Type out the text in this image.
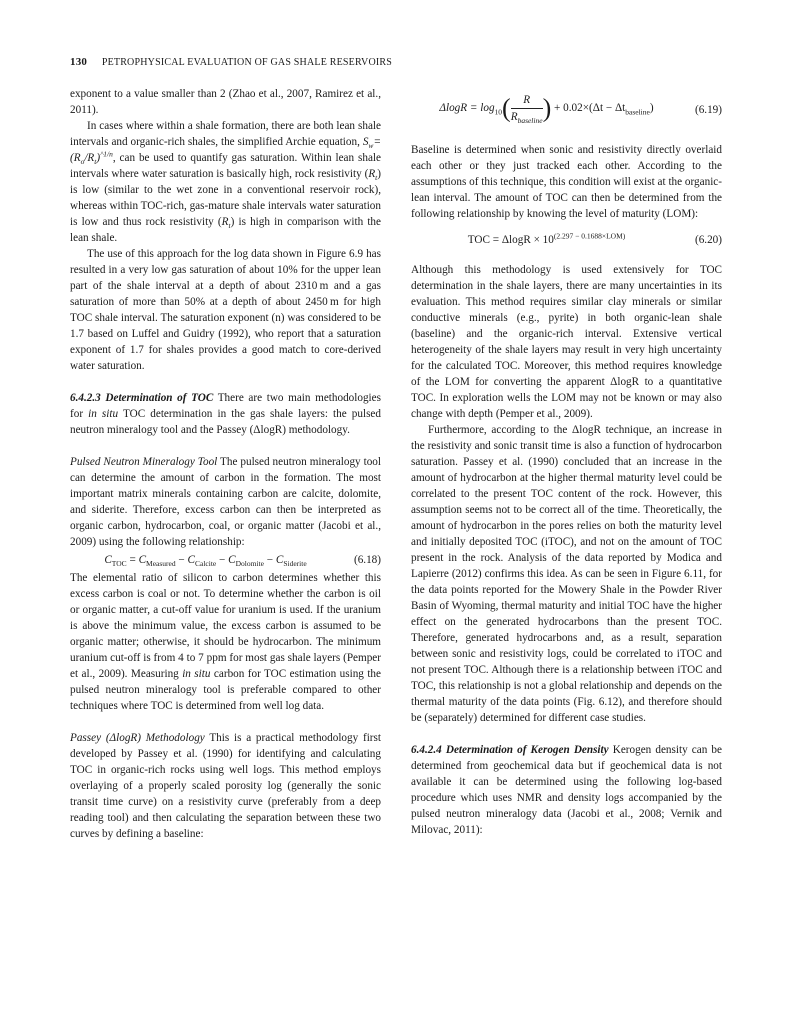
130 PETROPHYSICAL EVALUATION OF GAS SHALE RESERVOIRS

exponent to a value smaller than 2 (Zhao et al., 2007, Ramirez et al., 2011).

In cases where within a shale formation, there are both lean shale intervals and organic-rich shales, the simplified Archie equation, $S_w=(R_o/R_t)^{\^{}1/n}$, can be used to quantify gas saturation. Within lean shale intervals where water saturation is basically high, rock resistivity $(R_t)$ is low (similar to the wet zone in a conventional reservoir rock), whereas within TOC-rich, gas-mature shale intervals water saturation is low and thus rock resistivity $(R_t)$ is high in comparison with the lean shale.

The use of this approach for the log data shown in Figure 6.9 has resulted in a very low gas saturation of about 10% for the upper lean part of the shale interval at a depth of about 2310 m and a gas saturation of more than 50% at a depth of about 2450 m for high TOC shale interval. The saturation exponent (n) was considered to be 1.7 based on Luffel and Guidry (1992), who report that a saturation exponent of 1.7 for shales provides a good match to core-derived water saturation.

6.4.2.3 Determination of TOC There are two main methodologies for in situ TOC determination in the gas shale layers: the pulsed neutron mineralogy tool and the Passey (ΔlogR) methodology.

Pulsed Neutron Mineralogy Tool The pulsed neutron mineralogy tool can determine the amount of carbon in the formation. The most important matrix minerals containing carbon are calcite, dolomite, and siderite. Therefore, excess carbon can then be interpreted as organic carbon, hydrocarbon, coal, or organic matter (Jacobi et al., 2009) using the following relationship:

$C_{TOC} = C_{Measured} - C_{Calcite} - C_{Dolomite} - C_{Siderite}$	(6.18)

The elemental ratio of silicon to carbon determines whether this excess carbon is coal or not. To determine whether the carbon is oil or organic matter, a cut-off value for uranium is used. If the uranium is above the minimum value, the excess carbon is assumed to be organic matter; otherwise, it should be hydrocarbon. The minimum uranium cut-off is from 4 to 7 ppm for most gas shale layers (Pemper et al., 2009). Measuring in situ carbon for TOC estimation using the pulsed neutron mineralogy tool is preferable compared to other techniques where TOC is determined from well log data.

Passey (ΔlogR) Methodology This is a practical methodology first developed by Passey et al. (1990) for identifying and calculating TOC in organic-rich rocks using well logs. This method employs overlaying of a properly scaled porosity log (generally the sonic transit time curve) on a resistivity curve (preferably from a deep reading tool) and then calculating the separation between these two curves by defining a baseline:

$\Delta\log R = \log_{10}( \frac{R}{R_{baseline}}$ ) + $0.02\times(\Delta t - \Delta t_{baseline})$	(6.19)

Baseline is determined when sonic and resistivity directly overlaid each other or they just tracked each other. According to the assumptions of this technique, this condition will exist at the organic-lean interval. The amount of TOC can then be determined from the following relationship by knowing the level of maturity (LOM):

TOC = $\Delta\log R \times 10^{(2.297 - 0.1688\times LOM)}$	(6.20)

Although this methodology is used extensively for TOC determination in the shale layers, there are many uncertainties in its evaluation. This method requires similar clay minerals or similar conductive minerals (e.g., pyrite) in both organic-lean shale (baseline) and the organic-rich interval. Extensive vertical heterogeneity of the shale layers may result in very high uncertainty for the calculated TOC. Moreover, this method requires knowledge of the LOM for converting the apparent ΔlogR to a quantitative TOC. In exploration wells the LOM may not be known or may also change with depth (Pemper et al., 2009).

Furthermore, according to the ΔlogR technique, an increase in the resistivity and sonic transit time is also a function of hydrocarbon saturation. Passey et al. (1990) concluded that an increase in the amount of hydrocarbon at the higher thermal maturity level could be correlated to the present TOC content of the rock. However, this assumption seems not to be correct all of the time. Theoretically, the amount of hydrocarbon in the pores relies on both the maturity level and initially deposited TOC (iTOC), and not on the amount of TOC present in the rock. Analysis of the data reported by Modica and Lapierre (2012) confirms this idea. As can be seen in Figure 6.11, for the data points reported for the Mowery Shale in the Powder River Basin of Wyoming, thermal maturity and initial TOC have the higher effect on the generated hydrocarbons than the present TOC. Therefore, generated hydrocarbons and, as a result, separation between sonic and resistivity logs, could be correlated to iTOC and not present TOC. Although there is a relationship between iTOC and TOC, this relationship is not a global relationship and depends on the thermal maturity of the data points (Fig. 6.12), and therefore should be (separately) determined for different case studies.

6.4.2.4 Determination of Kerogen Density Kerogen density can be determined from geochemical data but if geochemical data is not available it can be determined using the following log-based procedure which uses NMR and density logs accompanied by the pulsed neutron mineralogy data (Jacobi et al., 2008; Vernik and Milovac, 2011):
